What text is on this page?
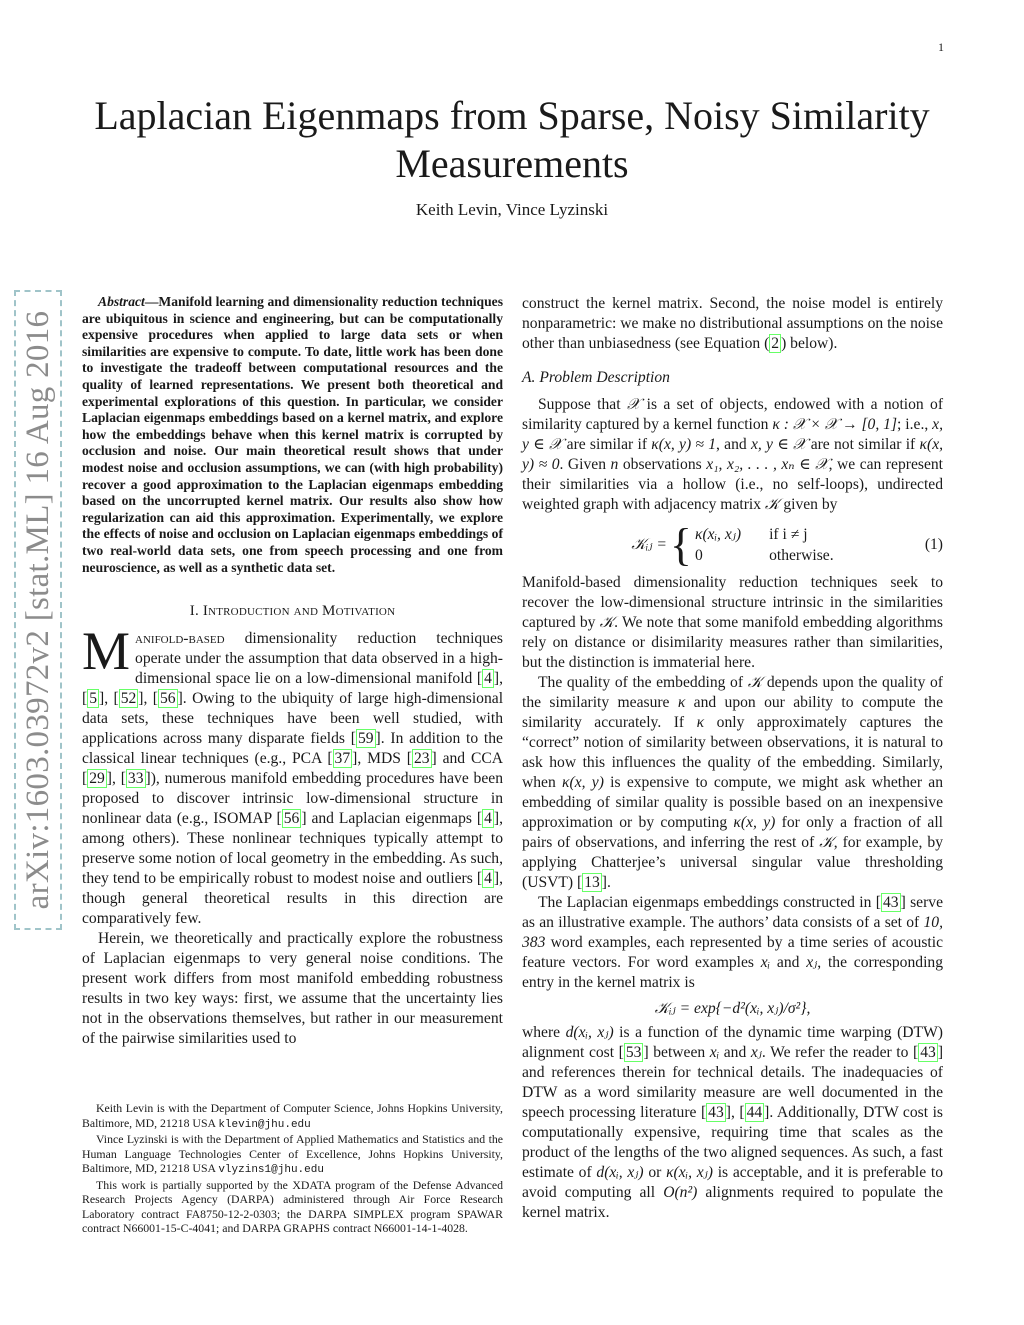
1
arXiv:1603.03972v2 [stat.ML] 16 Aug 2016
Laplacian Eigenmaps from Sparse, Noisy Similarity Measurements
Keith Levin, Vince Lyzinski

Abstract—Manifold learning and dimensionality reduction techniques are ubiquitous in science and engineering, but can be computationally expensive procedures when applied to large data sets or when similarities are expensive to compute. To date, little work has been done to investigate the tradeoff between computational resources and the quality of learned representations. We present both theoretical and experimental explorations of this question. In particular, we consider Laplacian eigenmaps embeddings based on a kernel matrix, and explore how the embeddings behave when this kernel matrix is corrupted by occlusion and noise. Our main theoretical result shows that under modest noise and occlusion assumptions, we can (with high probability) recover a good approximation to the Laplacian eigenmaps embedding based on the uncorrupted kernel matrix. Our results also show how regularization can aid this approximation. Experimentally, we explore the effects of noise and occlusion on Laplacian eigenmaps embeddings of two real-world data sets, one from speech processing and one from neuroscience, as well as a synthetic data set.

I. Introduction and Motivation

Manifold-based dimensionality reduction techniques operate under the assumption that data observed in a high-dimensional space lie on a low-dimensional manifold [ 4 ], [ 5 ], [ 52 ], [ 56 ]. Owing to the ubiquity of large high-dimensional data sets, these techniques have been well studied, with applications across many disparate fields [ 59 ]. In addition to the classical linear techniques (e.g., PCA [ 37 ], MDS [ 23 ] and CCA [ 29 ], [ 33 ]), numerous manifold embedding procedures have been proposed to discover intrinsic low-dimensional structure in nonlinear data (e.g., ISOMAP [ 56 ] and Laplacian eigenmaps [ 4 ], among others). These nonlinear techniques typically attempt to preserve some notion of local geometry in the embedding. As such, they tend to be empirically robust to modest noise and outliers [ 4 ], though general theoretical results in this direction are comparatively few.

Herein, we theoretically and practically explore the robustness of Laplacian eigenmaps to very general noise conditions. The present work differs from most manifold embedding robustness results in two key ways: first, we assume that the uncertainty lies not in the observations themselves, but rather in our measurement of the pairwise similarities used to

Keith Levin is with the Department of Computer Science, Johns Hopkins University, Baltimore, MD, 21218 USA klevin@jhu.edu

Vince Lyzinski is with the Department of Applied Mathematics and Statistics and the Human Language Technologies Center of Excellence, Johns Hopkins University, Baltimore, MD, 21218 USA vlyzins1@jhu.edu

This work is partially supported by the XDATA program of the Defense Advanced Research Projects Agency (DARPA) administered through Air Force Research Laboratory contract FA8750-12-2-0303; the DARPA SIMPLEX program SPAWAR contract N66001-15-C-4041; and DARPA GRAPHS contract N66001-14-1-4028.

construct the kernel matrix. Second, the noise model is entirely nonparametric: we make no distributional assumptions on the noise other than unbiasedness (see Equation ( 2 ) below).

A. Problem Description

Suppose that 𝒳 is a set of objects, endowed with a notion of similarity captured by a kernel function κ : 𝒳 × 𝒳 → [0, 1]; i.e., x, y ∈ 𝒳 are similar if κ(x, y) ≈ 1, and x, y ∈ 𝒳 are not similar if κ(x, y) ≈ 0. Given n observations x₁, x₂, . . . , xₙ ∈ 𝒳, we can represent their similarities via a hollow (i.e., no self-loops), undirected weighted graph with adjacency matrix 𝒦 given by

𝒦ᵢⱼ = { κ(xᵢ, xⱼ) if i ≠ j
0	otherwise.
(1)

Manifold-based dimensionality reduction techniques seek to recover the low-dimensional structure intrinsic in the similarities captured by 𝒦. We note that some manifold embedding algorithms rely on distance or disimilarity measures rather than similarities, but the distinction is immaterial here.

The quality of the embedding of 𝒦 depends upon the quality of the similarity measure κ and upon our ability to compute the similarity accurately. If κ only approximately captures the “correct” notion of similarity between observations, it is natural to ask how this influences the quality of the embedding. Similarly, when κ(x, y) is expensive to compute, we might ask whether an embedding of similar quality is possible based on an inexpensive approximation or by computing κ(x, y) for only a fraction of all pairs of observations, and inferring the rest of 𝒦, for example, by applying Chatterjee’s universal singular value thresholding (USVT) [ 13 ].

The Laplacian eigenmaps embeddings constructed in [ 43 ] serve as an illustrative example. The authors’ data consists of a set of 10, 383 word examples, each represented by a time series of acoustic feature vectors. For word examples xᵢ and xⱼ, the corresponding entry in the kernel matrix is

𝒦ᵢⱼ = exp{−d²(xᵢ, xⱼ)/σ²},

where d(xᵢ, xⱼ) is a function of the dynamic time warping (DTW) alignment cost [ 53 ] between xᵢ and xⱼ. We refer the reader to [ 43 ] and references therein for technical details. The inadequacies of DTW as a word similarity measure are well documented in the speech processing literature [ 43 ], [ 44 ]. Additionally, DTW cost is computationally expensive, requiring time that scales as the product of the lengths of the two aligned sequences. As such, a fast estimate of d(xᵢ, xⱼ) or κ(xᵢ, xⱼ) is acceptable, and it is preferable to avoid computing all O(n²) alignments required to populate the kernel matrix.
